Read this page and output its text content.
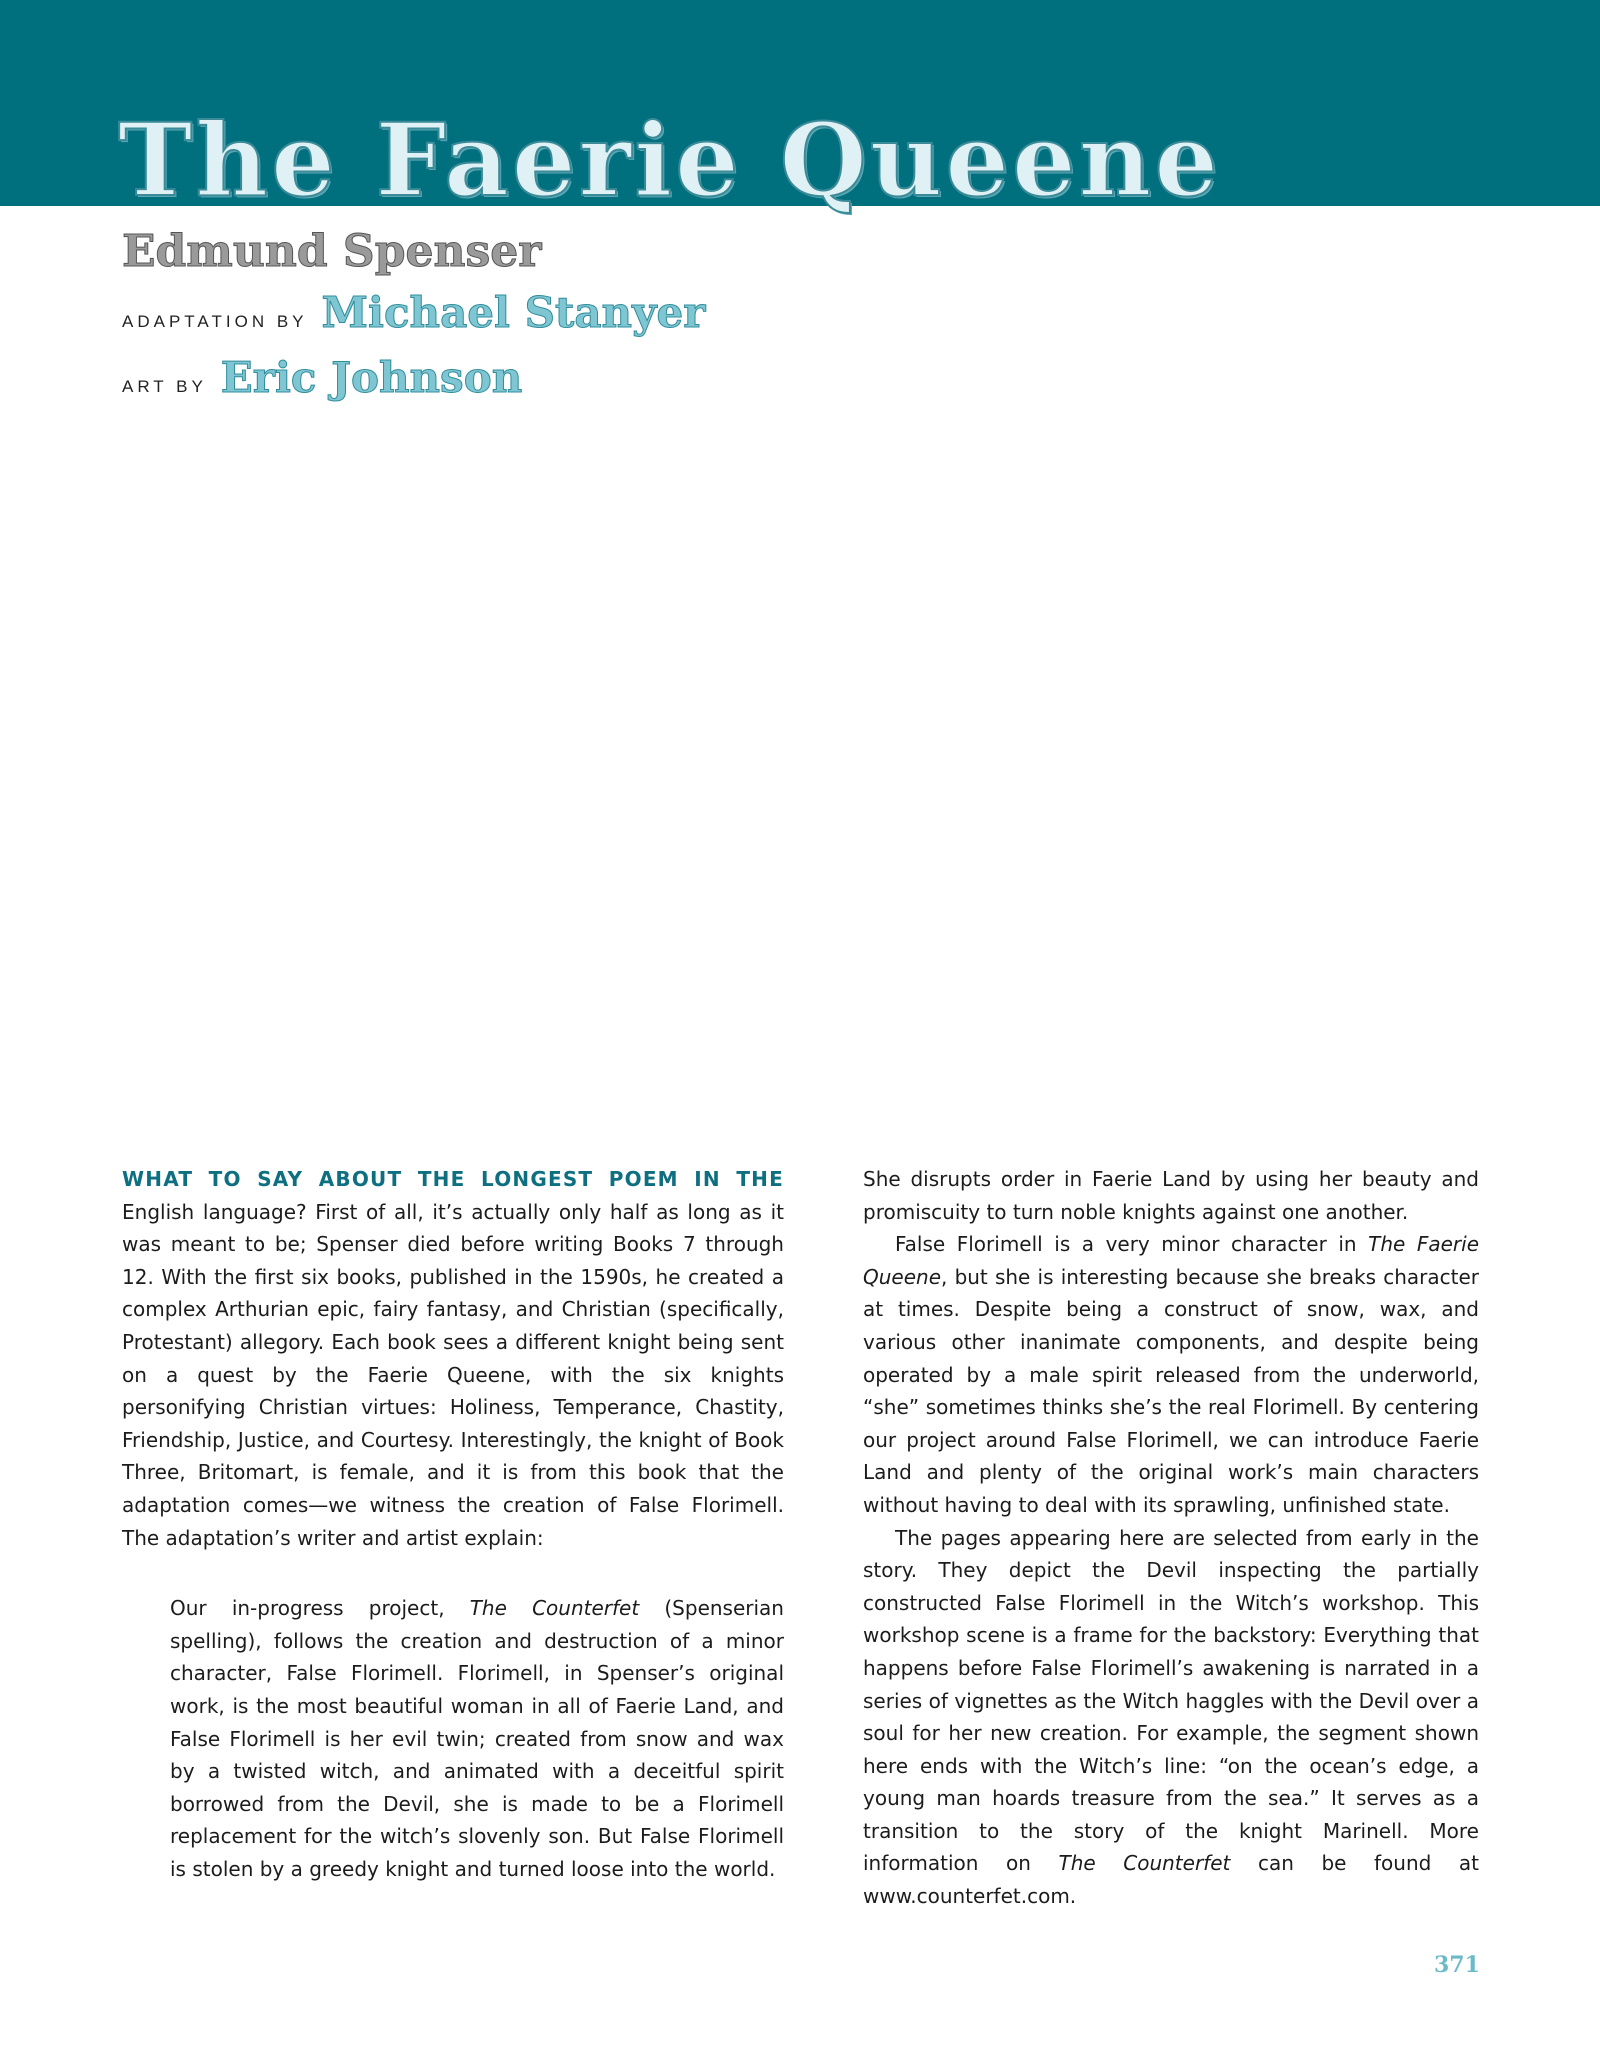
The Faerie Queene
Edmund Spenser
ADAPTATION BY Michael Stanyer
ART BY Eric Johnson

WHAT TO SAY ABOUT THE LONGEST POEM IN THE English language? First of all, it’s actually only half as long as it was meant to be; Spenser died before writing Books 7 through 12. With the first six books, published in the 1590s, he created a complex Arthurian epic, fairy fantasy, and Christian (specifically, Protestant) allegory. Each book sees a different knight being sent on a quest by the Faerie Queene, with the six knights personifying Christian virtues: Holiness, Temperance, Chastity, Friendship, Justice, and Courtesy. Interestingly, the knight of Book Three, Britomart, is female, and it is from this book that the adaptation comes—we witness the creation of False Florimell. The adaptation’s writer and artist explain:

Our in-progress project, The Counterfet (Spenserian spelling), follows the creation and destruction of a minor character, False Florimell. Florimell, in Spenser’s original work, is the most beautiful woman in all of Faerie Land, and False Florimell is her evil twin; created from snow and wax by a twisted witch, and animated with a deceitful spirit borrowed from the Devil, she is made to be a Florimell replacement for the witch’s slovenly son. But False Florimell is stolen by a greedy knight and turned loose into the world.

She disrupts order in Faerie Land by using her beauty and promiscuity to turn noble knights against one another.

False Florimell is a very minor character in The Faerie Queene, but she is interesting because she breaks character at times. Despite being a construct of snow, wax, and various other inanimate components, and despite being operated by a male spirit released from the underworld, “she” sometimes thinks she’s the real Florimell. By centering our project around False Florimell, we can introduce Faerie Land and plenty of the original work’s main characters without having to deal with its sprawling, unfinished state.

The pages appearing here are selected from early in the story. They depict the Devil inspecting the partially constructed False Florimell in the Witch’s workshop. This workshop scene is a frame for the backstory: Everything that happens before False Florimell’s awakening is narrated in a series of vignettes as the Witch haggles with the Devil over a soul for her new creation. For example, the segment shown here ends with the Witch’s line: “on the ocean’s edge, a young man hoards treasure from the sea.” It serves as a transition to the story of the knight Marinell. More information on The Counterfet can be found at www.counterfet.com.

371
